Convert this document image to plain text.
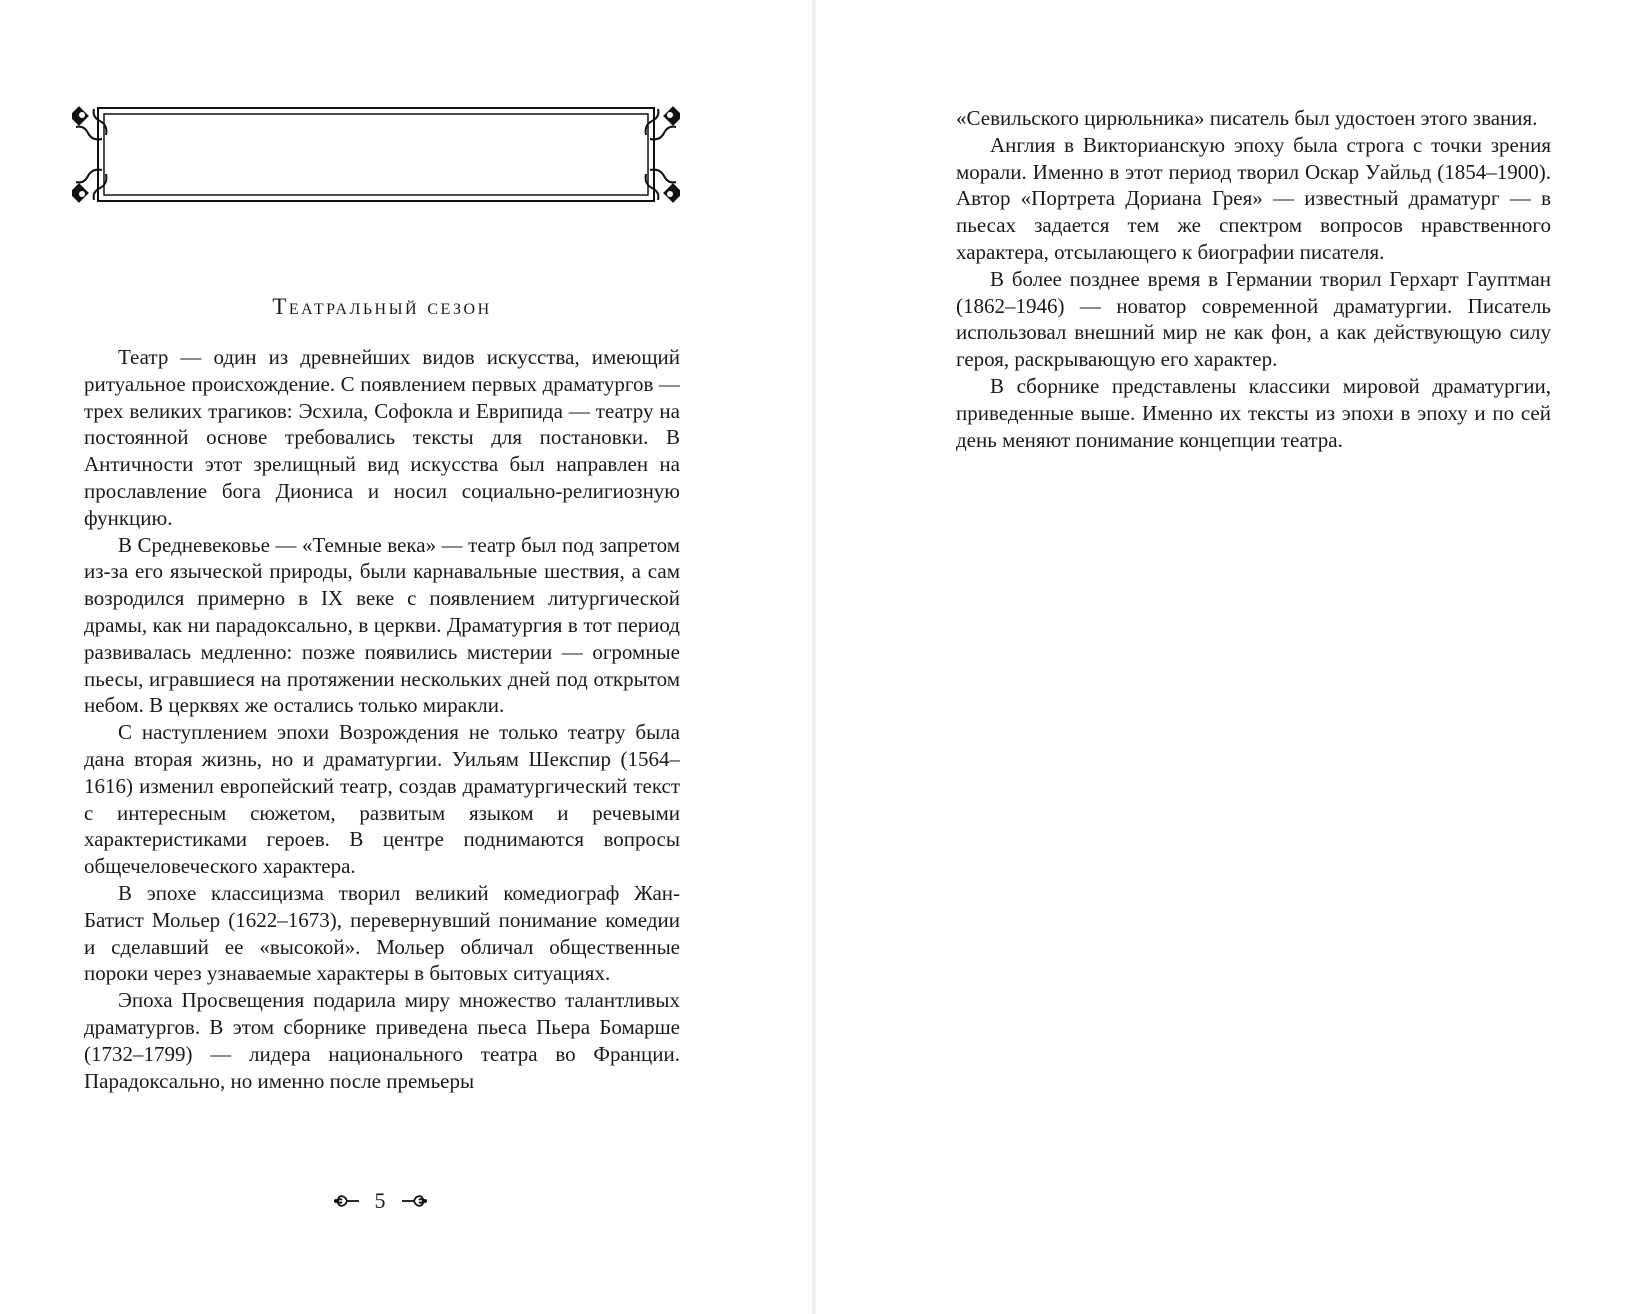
Театральный сезон

Театр — один из древнейших видов искусства, имеющий ритуальное происхождение. С появлением первых драматургов — трех великих трагиков: Эсхила, Софокла и Еврипида — театру на постоянной основе требовались тексты для постановки. В Античности этот зрелищный вид искусства был направлен на прославление бога Диониса и носил социально-религиозную функцию.

В Средневековье — «Темные века» — театр был под запретом из-за его языческой природы, были карнавальные шествия, а сам возродился примерно в IX веке с появлением литургической драмы, как ни парадоксально, в церкви. Драматургия в тот период развивалась медленно: позже появились мистерии — огромные пьесы, игравшиеся на протяжении нескольких дней под открытом небом. В церквях же остались только миракли.

С наступлением эпохи Возрождения не только театру была дана вторая жизнь, но и драматургии. Уильям Шекспир (1564–1616) изменил европейский театр, создав драматургический текст с интересным сюжетом, развитым языком и речевыми характеристиками героев. В центре поднимаются вопросы общечеловеческого характера.

В эпохе классицизма творил великий комедиограф Жан-Батист Мольер (1622–1673), перевернувший понимание комедии и сделавший ее «высокой». Мольер обличал общественные пороки через узнаваемые характеры в бытовых ситуациях.

Эпоха Просвещения подарила миру множество талантливых драматургов. В этом сборнике приведена пьеса Пьера Бомарше (1732–1799) — лидера национального театра во Франции. Парадоксально, но именно после премьеры

5

«Севильского цирюльника» писатель был удостоен этого звания.

Англия в Викторианскую эпоху была строга с точки зрения морали. Именно в этот период творил Оскар Уайльд (1854–1900). Автор «Портрета Дориана Грея» — известный драматург — в пьесах задается тем же спектром вопросов нравственного характера, отсылающего к биографии писателя.

В более позднее время в Германии творил Герхарт Гауптман (1862–1946) — новатор современной драматургии. Писатель использовал внешний мир не как фон, а как действующую силу героя, раскрывающую его характер.

В сборнике представлены классики мировой драматургии, приведенные выше. Именно их тексты из эпохи в эпоху и по сей день меняют понимание концепции театра.
